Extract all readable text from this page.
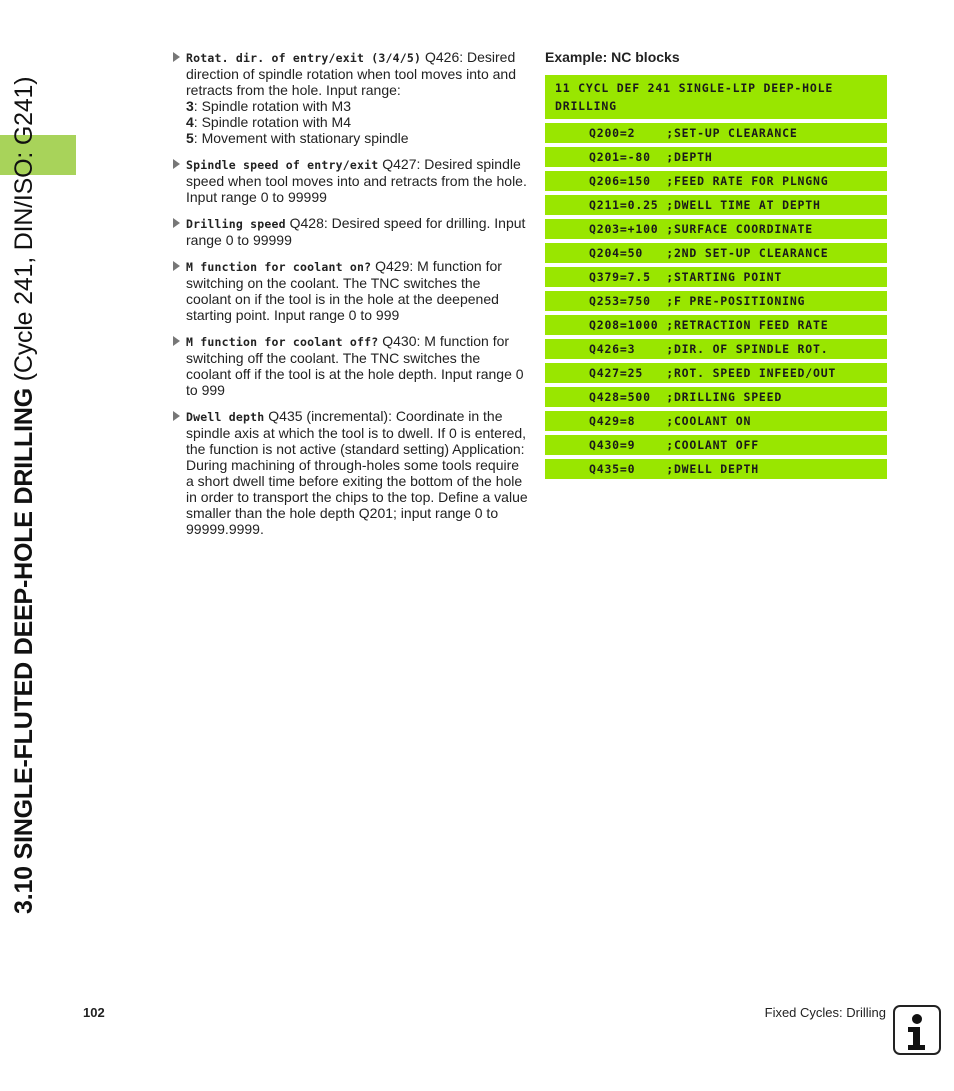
3.10 SINGLE-FLUTED DEEP-HOLE DRILLING (Cycle 241, DIN/ISO: G241)
Rotat. dir. of entry/exit (3/4/5) Q426: Desired direction of spindle rotation when tool moves into and retracts from the hole. Input range:
3: Spindle rotation with M3
4: Spindle rotation with M4
5: Movement with stationary spindle
Spindle speed of entry/exit Q427: Desired spindle speed when tool moves into and retracts from the hole. Input range 0 to 99999
Drilling speed Q428: Desired speed for drilling. Input range 0 to 99999
M function for coolant on? Q429: M function for switching on the coolant. The TNC switches the coolant on if the tool is in the hole at the deepened starting point. Input range 0 to 999
M function for coolant off? Q430: M function for switching off the coolant. The TNC switches the coolant off if the tool is at the hole depth. Input range 0 to 999
Dwell depth Q435 (incremental): Coordinate in the spindle axis at which the tool is to dwell. If 0 is entered, the function is not active (standard setting) Application: During machining of through-holes some tools require a short dwell time before exiting the bottom of the hole in order to transport the chips to the top. Define a value smaller than the hole depth Q201; input range 0 to 99999.9999.
Example: NC blocks
11 CYCL DEF 241 SINGLE-LIP DEEP-HOLE DRILLING
Q200=2    ;SET-UP CLEARANCE
Q201=-80  ;DEPTH
Q206=150  ;FEED RATE FOR PLNGNG
Q211=0.25 ;DWELL TIME AT DEPTH
Q203=+100 ;SURFACE COORDINATE
Q204=50   ;2ND SET-UP CLEARANCE
Q379=7.5  ;STARTING POINT
Q253=750  ;F PRE-POSITIONING
Q208=1000 ;RETRACTION FEED RATE
Q426=3    ;DIR. OF SPINDLE ROT.
Q427=25   ;ROT. SPEED INFEED/OUT
Q428=500  ;DRILLING SPEED
Q429=8    ;COOLANT ON
Q430=9    ;COOLANT OFF
Q435=0    ;DWELL DEPTH
102	Fixed Cycles: Drilling
